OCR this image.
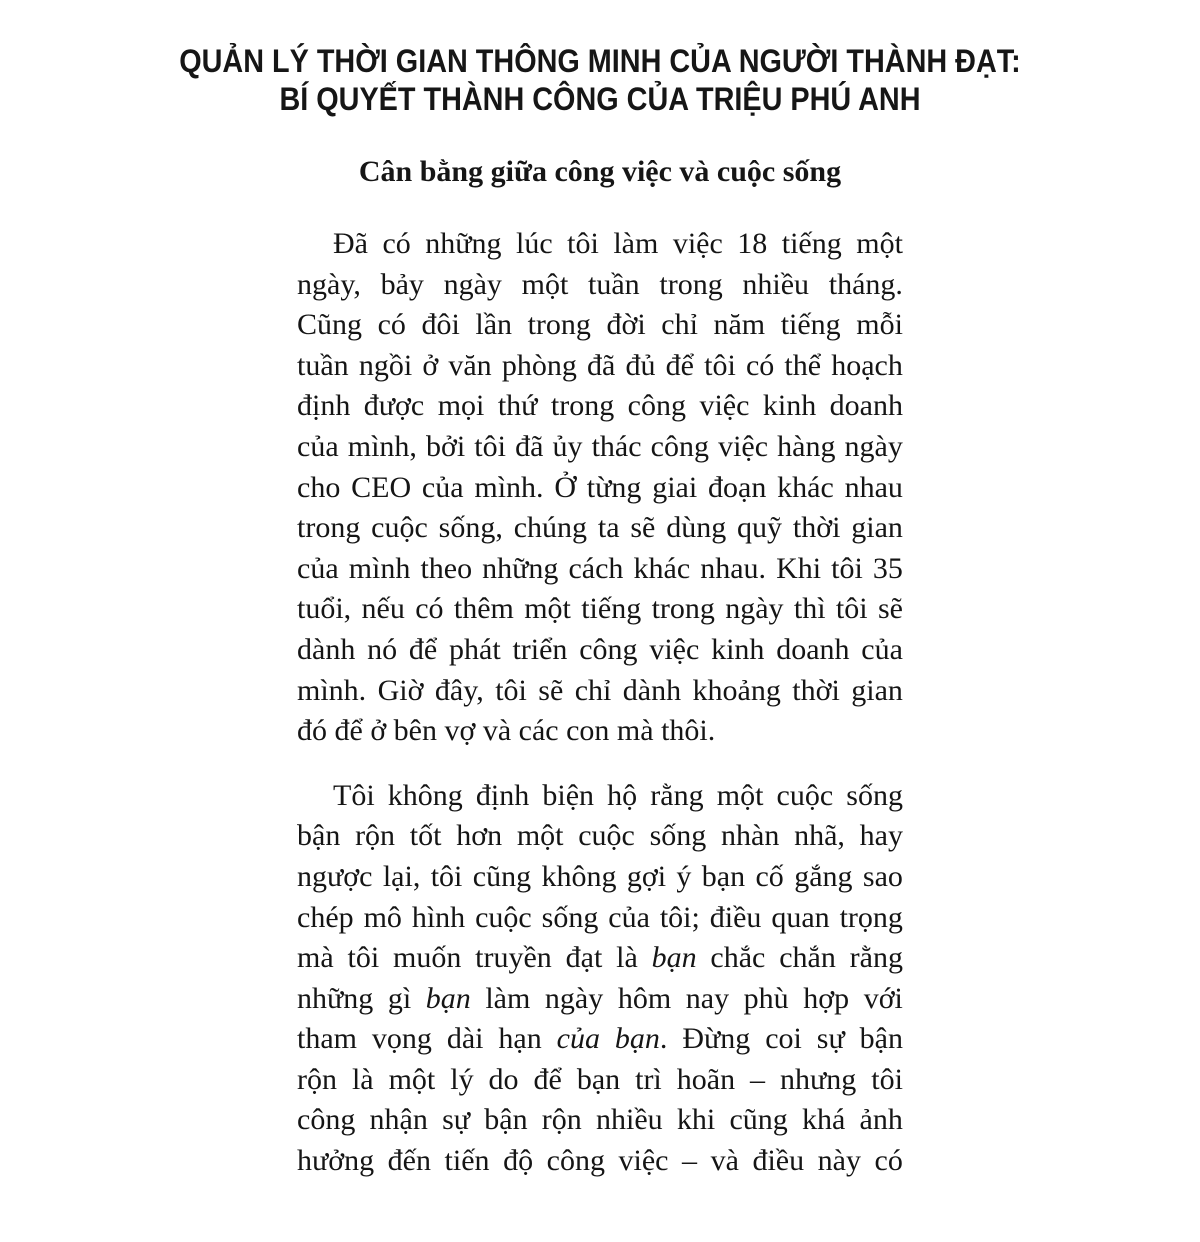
QUẢN LÝ THỜI GIAN THÔNG MINH CỦA NGƯỜI THÀNH ĐẠT:
BÍ QUYẾT THÀNH CÔNG CỦA TRIỆU PHÚ ANH
Cân bằng giữa công việc và cuộc sống
Đã có những lúc tôi làm việc 18 tiếng một
ngày, bảy ngày một tuần trong nhiều tháng.
Cũng có đôi lần trong đời chỉ năm tiếng mỗi
tuần ngồi ở văn phòng đã đủ để tôi có thể hoạch
định được mọi thứ trong công việc kinh doanh
của mình, bởi tôi đã ủy thác công việc hàng ngày
cho CEO của mình. Ở từng giai đoạn khác nhau
trong cuộc sống, chúng ta sẽ dùng quỹ thời gian
của mình theo những cách khác nhau. Khi tôi 35
tuổi, nếu có thêm một tiếng trong ngày thì tôi sẽ
dành nó để phát triển công việc kinh doanh của
mình. Giờ đây, tôi sẽ chỉ dành khoảng thời gian
đó để ở bên vợ và các con mà thôi.
Tôi không định biện hộ rằng một cuộc sống
bận rộn tốt hơn một cuộc sống nhàn nhã, hay
ngược lại, tôi cũng không gợi ý bạn cố gắng sao
chép mô hình cuộc sống của tôi; điều quan trọng
mà tôi muốn truyền đạt là bạn chắc chắn rằng
những gì bạn làm ngày hôm nay phù hợp với
tham vọng dài hạn của bạn. Đừng coi sự bận
rộn là một lý do để bạn trì hoãn – nhưng tôi
công nhận sự bận rộn nhiều khi cũng khá ảnh
hưởng đến tiến độ công việc – và điều này có
